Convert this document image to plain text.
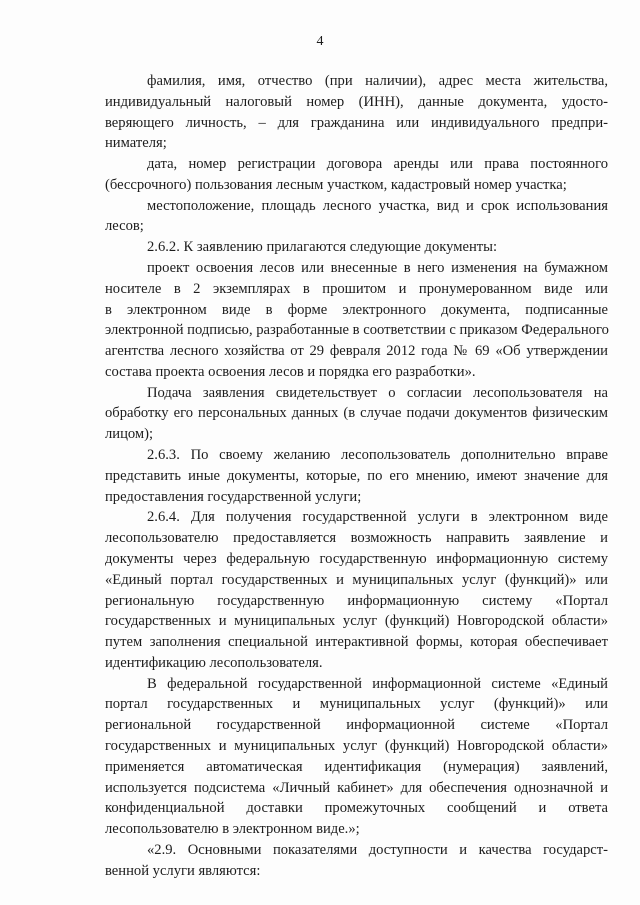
4
фамилия, имя, отчество (при наличии), адрес места жительства,
индивидуальный налоговый номер (ИНН), данные документа, удосто-
веряющего личность, – для гражданина или индивидуального предпри-
нимателя;
дата, номер регистрации договора аренды или права постоянного
(бессрочного) пользования лесным участком, кадастровый номер участка;
местоположение, площадь лесного участка, вид и срок использования
лесов;
2.6.2. К заявлению прилагаются следующие документы:
проект освоения лесов или внесенные в него изменения на бумажном
носителе в 2 экземплярах в прошитом и пронумерованном виде или
в электронном виде в форме электронного документа, подписанные
электронной подписью, разработанные в соответствии с приказом Федерального
агентства лесного хозяйства от 29 февраля 2012 года № 69 «Об утверждении
состава проекта освоения лесов и порядка его разработки».
Подача заявления свидетельствует о согласии лесопользователя на
обработку его персональных данных (в случае подачи документов физическим
лицом);
2.6.3. По своему желанию лесопользователь дополнительно вправе
представить иные документы, которые, по его мнению, имеют значение для
предоставления государственной услуги;
2.6.4. Для получения государственной услуги в электронном виде
лесопользователю предоставляется возможность направить заявление и
документы через федеральную государственную информационную систему
«Единый портал государственных и муниципальных услуг (функций)» или
региональную государственную информационную систему «Портал
государственных и муниципальных услуг (функций) Новгородской области»
путем заполнения специальной интерактивной формы, которая обеспечивает
идентификацию лесопользователя.
В федеральной государственной информационной системе «Единый
портал государственных и муниципальных услуг (функций)» или
региональной государственной информационной системе «Портал
государственных и муниципальных услуг (функций) Новгородской области»
применяется автоматическая идентификация (нумерация) заявлений,
используется подсистема «Личный кабинет» для обеспечения однозначной и
конфиденциальной доставки промежуточных сообщений и ответа
лесопользователю в электронном виде.»;
«2.9. Основными показателями доступности и качества государст-
венной услуги являются:
